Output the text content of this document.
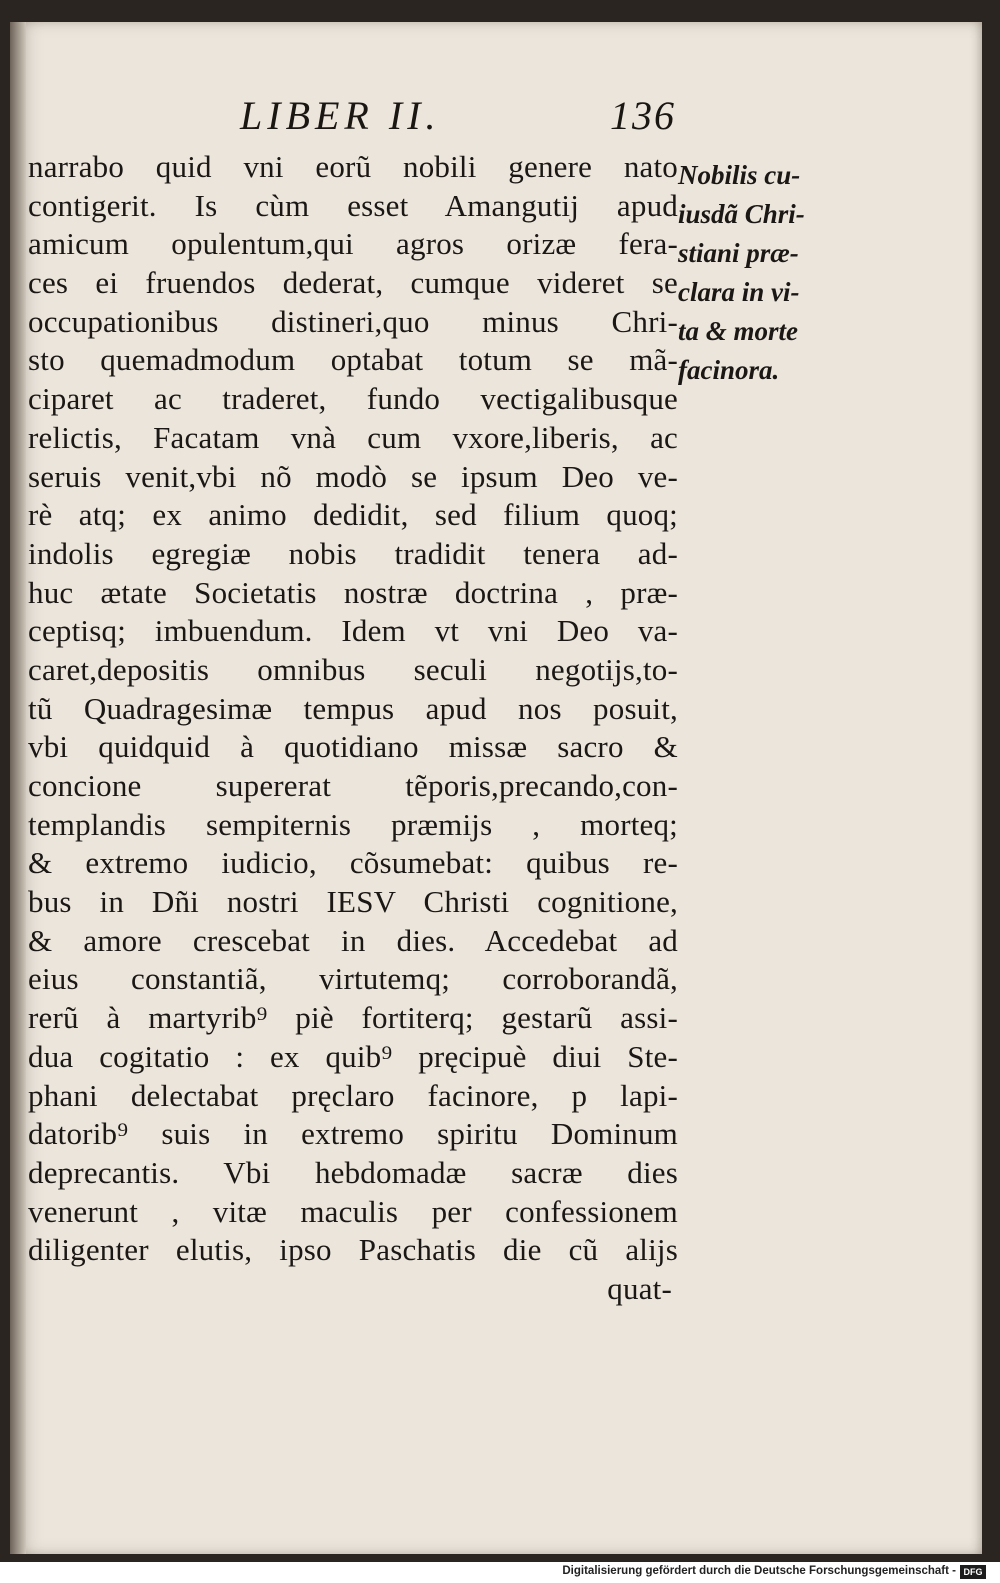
LIBER II.	136
narrabo quid vni eorũ nobili genere nato
contigerit. Is cùm esset Amangutij apud
amicum opulentum,qui agros orizæ fera-
ces ei fruendos dederat, cumque videret se
occupationibus distineri,quo minus Chri-
sto quemadmodum optabat totum se mã-
ciparet ac traderet, fundo vectigalibusque
relictis, Facatam vnà cum vxore,liberis, ac
seruis venit,vbi nõ modò se ipsum Deo ve-
rè atq; ex animo dedidit, sed filium quoq;
indolis egregiæ nobis tradidit tenera ad-
huc ætate Societatis nostræ doctrina , præ-
ceptisq; imbuendum. Idem vt vni Deo va-
caret,depositis omnibus seculi negotijs,to-
tũ Quadragesimæ tempus apud nos posuit,
vbi quidquid à quotidiano missæ sacro &
concione supererat tẽporis,precando,con-
templandis sempiternis præmijs , morteq;
& extremo iudicio, cõsumebat: quibus re-
bus in Dñi nostri IESV Christi cognitione,
& amore crescebat in dies. Accedebat ad
eius constantiã, virtutemq; corroborandã,
rerũ à martyrib⁹ piè fortiterq; gestarũ assi-
dua cogitatio : ex quib⁹ pręcipuè diui Ste-
phani delectabat pręclaro facinore, p lapi-
datorib⁹ suis in extremo spiritu Dominum
deprecantis. Vbi hebdomadæ sacræ dies
venerunt , vitæ maculis per confessionem
diligenter elutis, ipso Paschatis die cũ alijs
quat-
Nobilis cu-
iusdã Chri-
stiani præ-
clara in vi-
ta & morte
facinora.
Digitalisierung gefördert durch die Deutsche Forschungsgemeinschaft - DFG
